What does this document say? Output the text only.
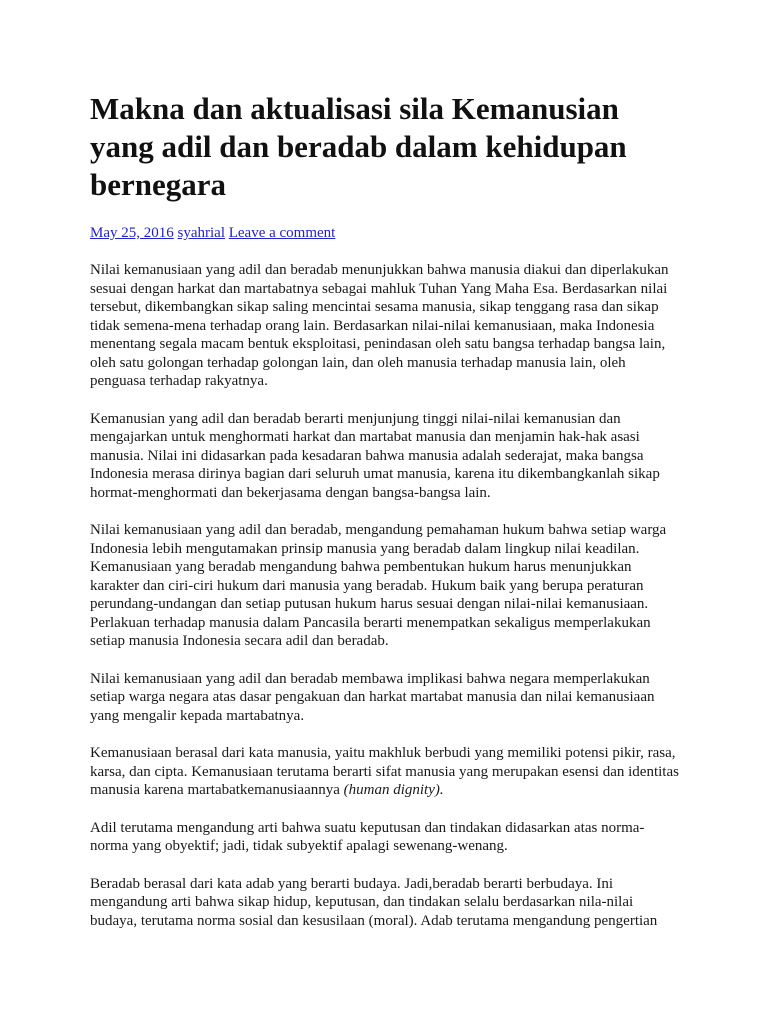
Makna dan aktualisasi sila Kemanusian yang adil dan beradab dalam kehidupan bernegara
May 25, 2016 syahrial Leave a comment

Nilai kemanusiaan yang adil dan beradab menunjukkan bahwa manusia diakui dan diperlakukan sesuai dengan harkat dan martabatnya sebagai mahluk Tuhan Yang Maha Esa. Berdasarkan nilai tersebut, dikembangkan sikap saling mencintai sesama manusia, sikap tenggang rasa dan sikap tidak semena-mena terhadap orang lain. Berdasarkan nilai-nilai kemanusiaan, maka Indonesia menentang segala macam bentuk eksploitasi, penindasan oleh satu bangsa terhadap bangsa lain, oleh satu golongan terhadap golongan lain, dan oleh manusia terhadap manusia lain, oleh penguasa terhadap rakyatnya.

Kemanusian yang adil dan beradab berarti menjunjung tinggi nilai-nilai kemanusian dan mengajarkan untuk menghormati harkat dan martabat manusia dan menjamin hak-hak asasi manusia. Nilai ini didasarkan pada kesadaran bahwa manusia adalah sederajat, maka bangsa Indonesia merasa dirinya bagian dari seluruh umat manusia, karena itu dikembangkanlah sikap hormat-menghormati dan bekerjasama dengan bangsa-bangsa lain.

Nilai kemanusiaan yang adil dan beradab, mengandung pemahaman hukum bahwa setiap warga Indonesia lebih mengutamakan prinsip manusia yang beradab dalam lingkup nilai keadilan. Kemanusiaan yang beradab mengandung bahwa pembentukan hukum harus menunjukkan karakter dan ciri-ciri hukum dari manusia yang beradab. Hukum baik yang berupa peraturan perundang-undangan dan setiap putusan hukum harus sesuai dengan nilai-nilai kemanusiaan. Perlakuan terhadap manusia dalam Pancasila berarti menempatkan sekaligus memperlakukan setiap manusia Indonesia secara adil dan beradab.

Nilai kemanusiaan yang adil dan beradab membawa implikasi bahwa negara memperlakukan setiap warga negara atas dasar pengakuan dan harkat martabat manusia dan nilai kemanusiaan yang mengalir kepada martabatnya.

Kemanusiaan berasal dari kata manusia, yaitu makhluk berbudi yang memiliki potensi pikir, rasa, karsa, dan cipta. Kemanusiaan terutama berarti sifat manusia yang merupakan esensi dan identitas manusia karena martabatkemanusiaannya (human dignity).

Adil terutama mengandung arti bahwa suatu keputusan dan tindakan didasarkan atas norma-norma yang obyektif; jadi, tidak subyektif apalagi sewenang-wenang.

Beradab berasal dari kata adab yang berarti budaya. Jadi,beradab berarti berbudaya. Ini mengandung arti bahwa sikap hidup, keputusan, dan tindakan selalu berdasarkan nila-nilai budaya, terutama norma sosial dan kesusilaan (moral). Adab terutama mengandung pengertian
